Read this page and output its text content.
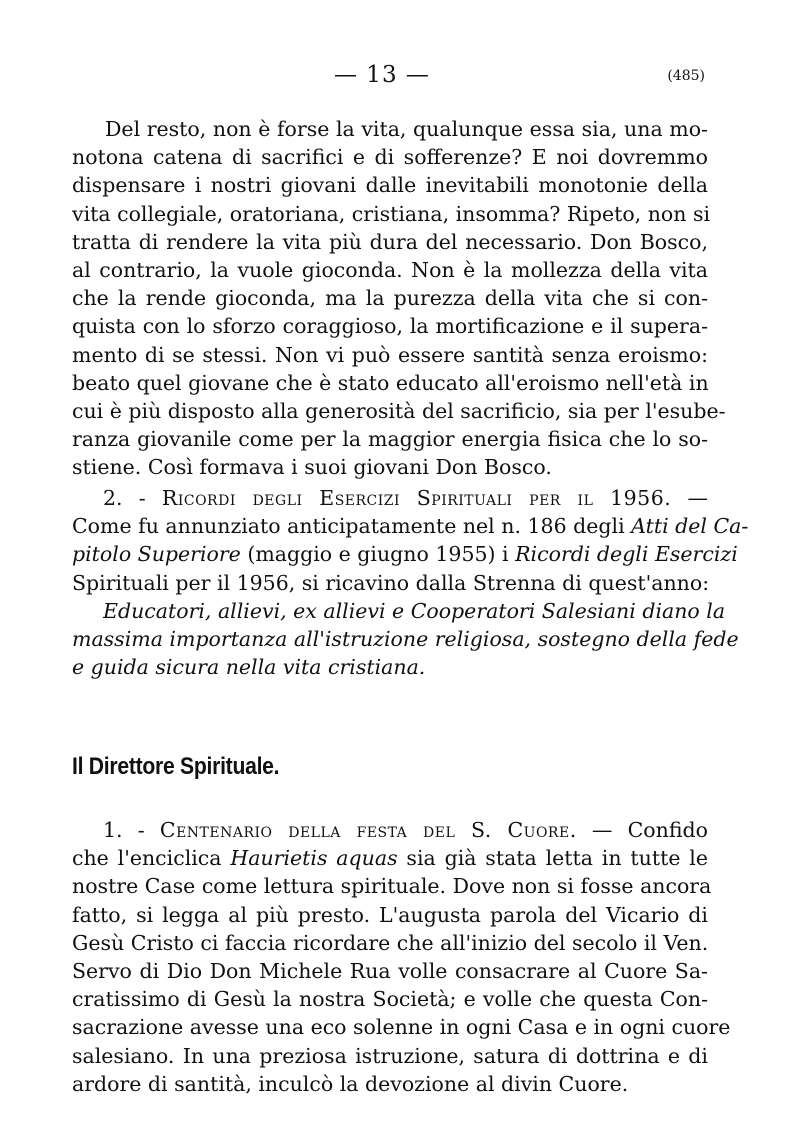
— 13 —	(485)
Del resto, non è forse la vita, qualunque essa sia, una mo-
notona catena di sacrifici e di sofferenze? E noi dovremmo
dispensare i nostri giovani dalle inevitabili monotonie della
vita collegiale, oratoriana, cristiana, insomma? Ripeto, non si
tratta di rendere la vita più dura del necessario. Don Bosco,
al contrario, la vuole gioconda. Non è la mollezza della vita
che la rende gioconda, ma la purezza della vita che si con-
quista con lo sforzo coraggioso, la mortificazione e il supera-
mento di se stessi. Non vi può essere santità senza eroismo:
beato quel giovane che è stato educato all'eroismo nell'età in
cui è più disposto alla generosità del sacrificio, sia per l'esube-
ranza giovanile come per la maggior energia fisica che lo so-
stiene. Così formava i suoi giovani Don Bosco.
2. - Ricordi degli Esercizi Spirituali per il 1956. —
Come fu annunziato anticipatamente nel n. 186 degli Atti del Ca-
pitolo Superiore (maggio e giugno 1955) i Ricordi degli Esercizi
Spirituali per il 1956, si ricavino dalla Strenna di quest'anno:
Educatori, allievi, ex allievi e Cooperatori Salesiani diano la
massima importanza all'istruzione religiosa, sostegno della fede
e guida sicura nella vita cristiana.
Il Direttore Spirituale.
1. - Centenario della festa del S. Cuore. — Confido
che l'enciclica Haurietis aquas sia già stata letta in tutte le
nostre Case come lettura spirituale. Dove non si fosse ancora
fatto, si legga al più presto. L'augusta parola del Vicario di
Gesù Cristo ci faccia ricordare che all'inizio del secolo il Ven.
Servo di Dio Don Michele Rua volle consacrare al Cuore Sa-
cratissimo di Gesù la nostra Società; e volle che questa Con-
sacrazione avesse una eco solenne in ogni Casa e in ogni cuore
salesiano. In una preziosa istruzione, satura di dottrina e di
ardore di santità, inculcò la devozione al divin Cuore.
